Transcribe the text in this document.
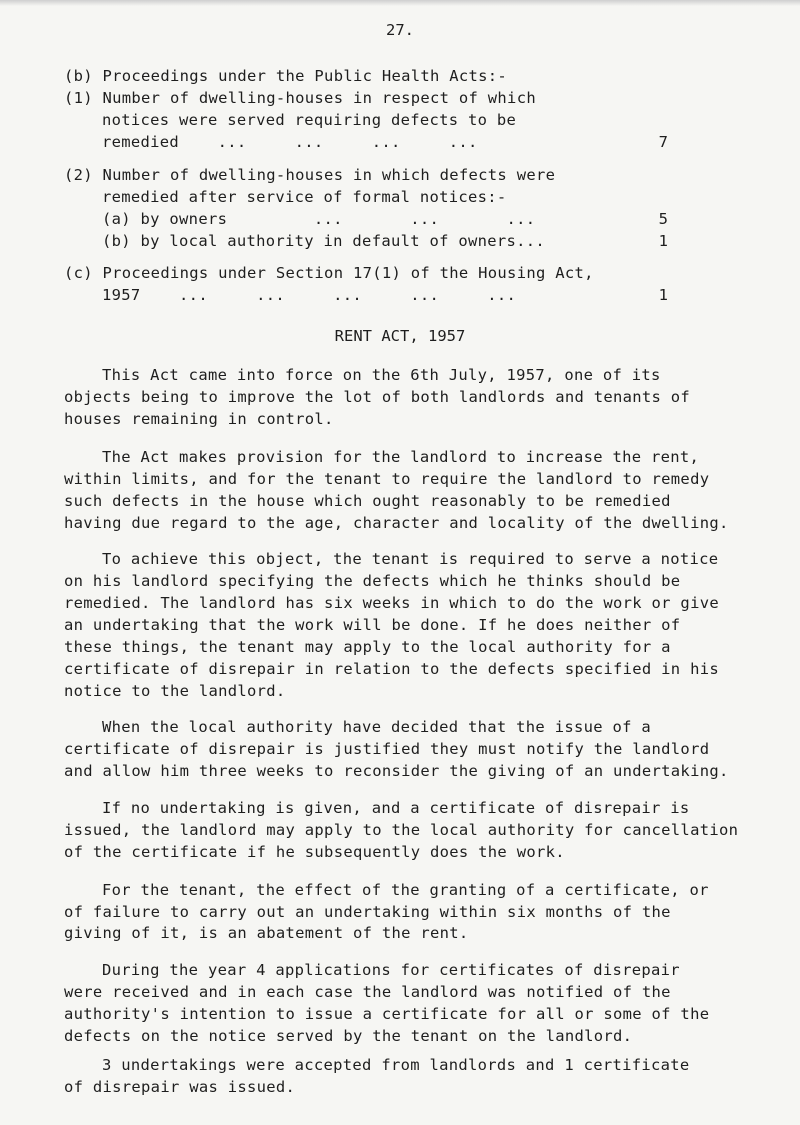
27.
(b) Proceedings under the Public Health Acts:-
(1) Number of dwelling-houses in respect of which
notices were served requiring defects to be
remedied    ...     ...     ...     ...	7
(2) Number of dwelling-houses in which defects were
remedied after service of formal notices:-
(a) by owners         ...       ...       ...	5
(b) by local authority in default of owners...	1
(c) Proceedings under Section 17(1) of the Housing Act,
1957    ...     ...     ...     ...     ...	1
RENT ACT, 1957
This Act came into force on the 6th July, 1957, one of its
objects being to improve the lot of both landlords and tenants of
houses remaining in control.
The Act makes provision for the landlord to increase the rent,
within limits, and for the tenant to require the landlord to remedy
such defects in the house which ought reasonably to be remedied
having due regard to the age, character and locality of the dwelling.
To achieve this object, the tenant is required to serve a notice
on his landlord specifying the defects which he thinks should be
remedied. The landlord has six weeks in which to do the work or give
an undertaking that the work will be done. If he does neither of
these things, the tenant may apply to the local authority for a
certificate of disrepair in relation to the defects specified in his
notice to the landlord.
When the local authority have decided that the issue of a
certificate of disrepair is justified they must notify the landlord
and allow him three weeks to reconsider the giving of an undertaking.
If no undertaking is given, and a certificate of disrepair is
issued, the landlord may apply to the local authority for cancellation
of the certificate if he subsequently does the work.
For the tenant, the effect of the granting of a certificate, or
of failure to carry out an undertaking within six months of the
giving of it, is an abatement of the rent.
During the year 4 applications for certificates of disrepair
were received and in each case the landlord was notified of the
authority's intention to issue a certificate for all or some of the
defects on the notice served by the tenant on the landlord.
3 undertakings were accepted from landlords and 1 certificate
of disrepair was issued.
